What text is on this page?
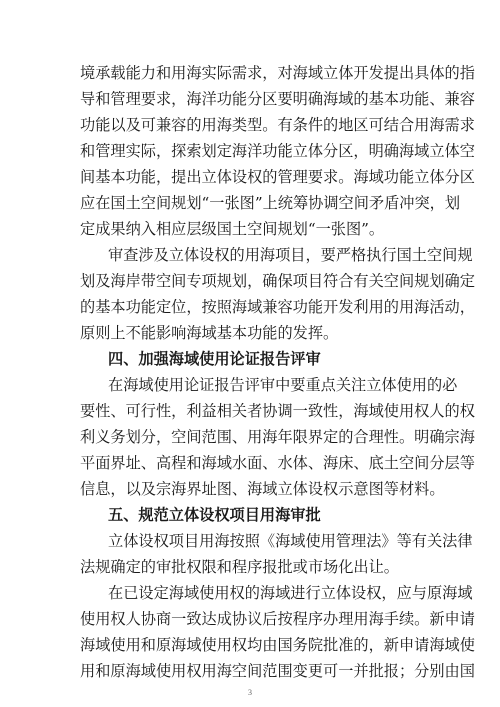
境承载能力和用海实际需求，对海域立体开发提出具体的指
导和管理要求，海洋功能分区要明确海域的基本功能、兼容
功能以及可兼容的用海类型。有条件的地区可结合用海需求
和管理实际，探索划定海洋功能立体分区，明确海域立体空
间基本功能，提出立体设权的管理要求。海域功能立体分区
应在国土空间规划“一张图”上统筹协调空间矛盾冲突，划
定成果纳入相应层级国土空间规划“一张图”。
审查涉及立体设权的用海项目，要严格执行国土空间规
划及海岸带空间专项规划，确保项目符合有关空间规划确定
的基本功能定位，按照海域兼容功能开发利用的用海活动，
原则上不能影响海域基本功能的发挥。
四、加强海域使用论证报告评审
在海域使用论证报告评审中要重点关注立体使用的必
要性、可行性，利益相关者协调一致性，海域使用权人的权
利义务划分，空间范围、用海年限界定的合理性。明确宗海
平面界址、高程和海域水面、水体、海床、底土空间分层等
信息，以及宗海界址图、海域立体设权示意图等材料。
五、规范立体设权项目用海审批
立体设权项目用海按照《海域使用管理法》等有关法律
法规确定的审批权限和程序报批或市场化出让。
在已设定海域使用权的海域进行立体设权，应与原海域
使用权人协商一致达成协议后按程序办理用海手续。新申请
海域使用和原海域使用权均由国务院批准的，新申请海域使
用和原海域使用权用海空间范围变更可一并批报；分别由国
3
